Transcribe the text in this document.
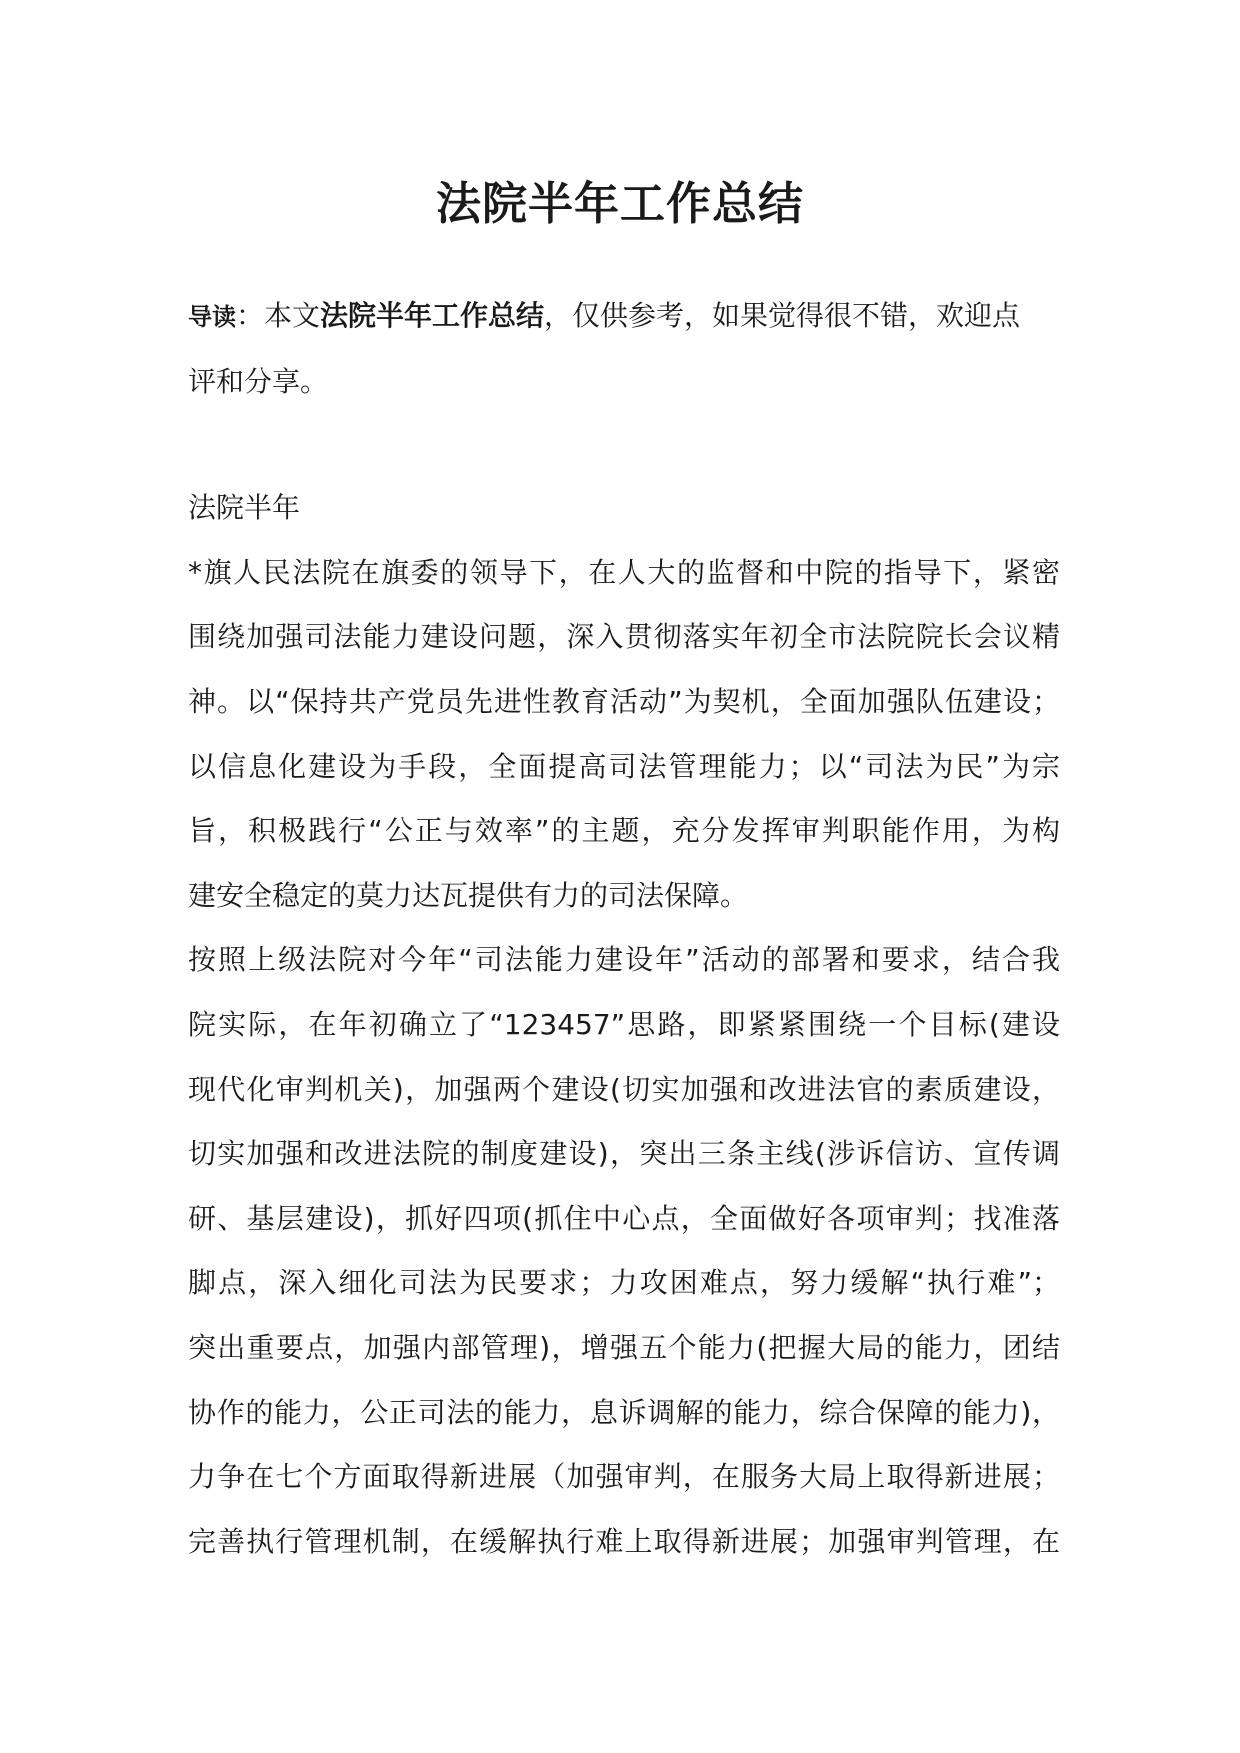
法院半年工作总结

导读：本文法院半年工作总结，仅供参考，如果觉得很不错，欢迎点
评和分享。

法院半年
*旗人民法院在旗委的领导下，在人大的监督和中院的指导下，紧密
围绕加强司法能力建设问题，深入贯彻落实年初全市法院院长会议精
神。以“保持共产党员先进性教育活动”为契机，全面加强队伍建设；
以信息化建设为手段，全面提高司法管理能力；以“司法为民”为宗
旨，积极践行“公正与效率”的主题，充分发挥审判职能作用，为构
建安全稳定的莫力达瓦提供有力的司法保障。
按照上级法院对今年“司法能力建设年”活动的部署和要求，结合我
院实际，在年初确立了“123457”思路，即紧紧围绕一个目标(建设
现代化审判机关)，加强两个建设(切实加强和改进法官的素质建设，
切实加强和改进法院的制度建设)，突出三条主线(涉诉信访、宣传调
研、基层建设)，抓好四项(抓住中心点，全面做好各项审判；找准落
脚点，深入细化司法为民要求；力攻困难点，努力缓解“执行难”；
突出重要点，加强内部管理)，增强五个能力(把握大局的能力，团结
协作的能力，公正司法的能力，息诉调解的能力，综合保障的能力)，
力争在七个方面取得新进展（加强审判，在服务大局上取得新进展；
完善执行管理机制，在缓解执行难上取得新进展；加强审判管理，在
